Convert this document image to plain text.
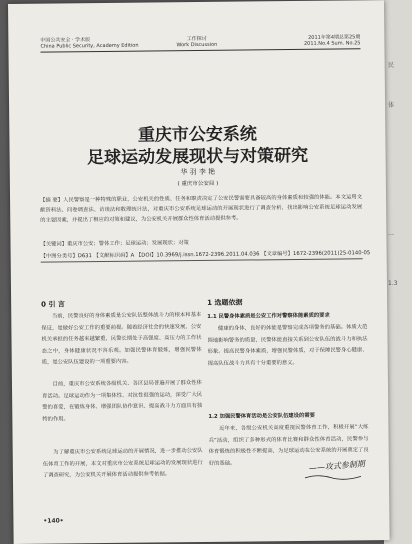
民
体
一
1.3
中国公共安全 · 学术版
China Public Security, Academy Edition
工作探讨
Work Discussion
2011年第4期总第25期
2011.No.4 Sum. No.25
重庆市公安系统
足球运动发展现状与对策研究
华 羽 李 艳
( 重庆市公安局 )
【摘 要】人民警察是一种特殊的职业，公安机关的性质、任务和职责决定了公安民警需要具备较高的身体素质和较强的体能。本文运用文献资料法、问卷调查法、访谈法和数理统计法，对重庆市公安系统足球运动的开展现状进行了调查分析，找出影响公安系统足球运动发展的主要因素，并提出了相应的对策和建议，为公安机关开展群众性体育活动提供参考。
【关键词】重庆市公安；警体工作；足球运动；发展现状；对策
【中图分类号】D631 【文献标识码】A 【DOI】10.3969/j.issn.1672-2396.2011.04.036 【文章编号】1672-2396(2011)25-0140-05
0 引 言
当前，民警良好的身体素质是公安队伍整体战斗力的根本和基本保证，是做好公安工作的重要前提。随着经济社会的快速发展，公安机关承担的任务越来越繁重，民警长期处于高强度、高压力的工作状态之中，身体健康状况不容乐观。加强民警体育锻炼，增强民警体质，是公安队伍建设的一项重要内容。
目前，重庆市公安系统各级机关、各区县局普遍开展了群众性体育活动。足球运动作为一项集体性、对抗性很强的运动，深受广大民警的喜爱，在锻炼身体、增强团队协作意识、提高战斗力方面具有独特的作用。
为了解重庆市公安系统足球运动的开展情况，进一步推动公安队伍体育工作的开展，本文对重庆市公安系统足球运动的发展现状进行了调查研究，为公安机关开展体育活动提供参考依据。
1 选题依据
1.1 民警身体素质是公安工作对警察体能素质的要求
健康的身体，良好的体能是警察完成各项警务的基础。体质大范围地影响警务的质量，民警体能直接关系到公安队伍的战斗力和执法形象。提高民警身体素质，增强民警体质，对于保障民警身心健康、提高队伍战斗力具有十分重要的意义。
1.2 加强民警体育活动是公安队伍建设的需要
近年来，各级公安机关高度重视民警体育工作，积极开展“大练兵”活动，组织了多种形式的体育比赛和群众性体育活动，民警参与体育锻炼的积极性不断提高，为足球运动在公安系统的开展奠定了良好的基础。	——攻式参制期
•140•
